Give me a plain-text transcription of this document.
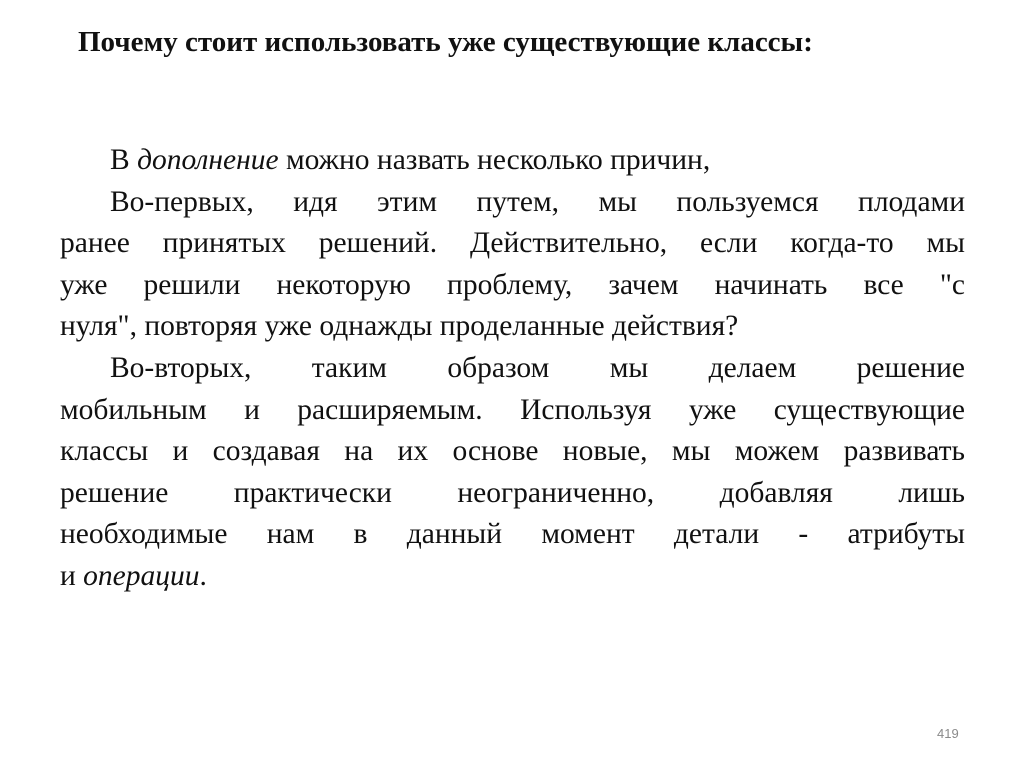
Почему стоит использовать уже существующие классы:
В дополнение можно назвать несколько причин,
Во-первых, идя этим путем, мы пользуемся плодами
ранее принятых решений. Действительно, если когда-то мы
уже решили некоторую проблему, зачем начинать все "с
нуля", повторяя уже однажды проделанные действия?
Во-вторых, таким образом мы делаем решение
мобильным и расширяемым. Используя уже существующие
классы и создавая на их основе новые, мы можем развивать
решение практически неограниченно, добавляя лишь
необходимые нам в данный момент детали - атрибуты
и операции.
419
